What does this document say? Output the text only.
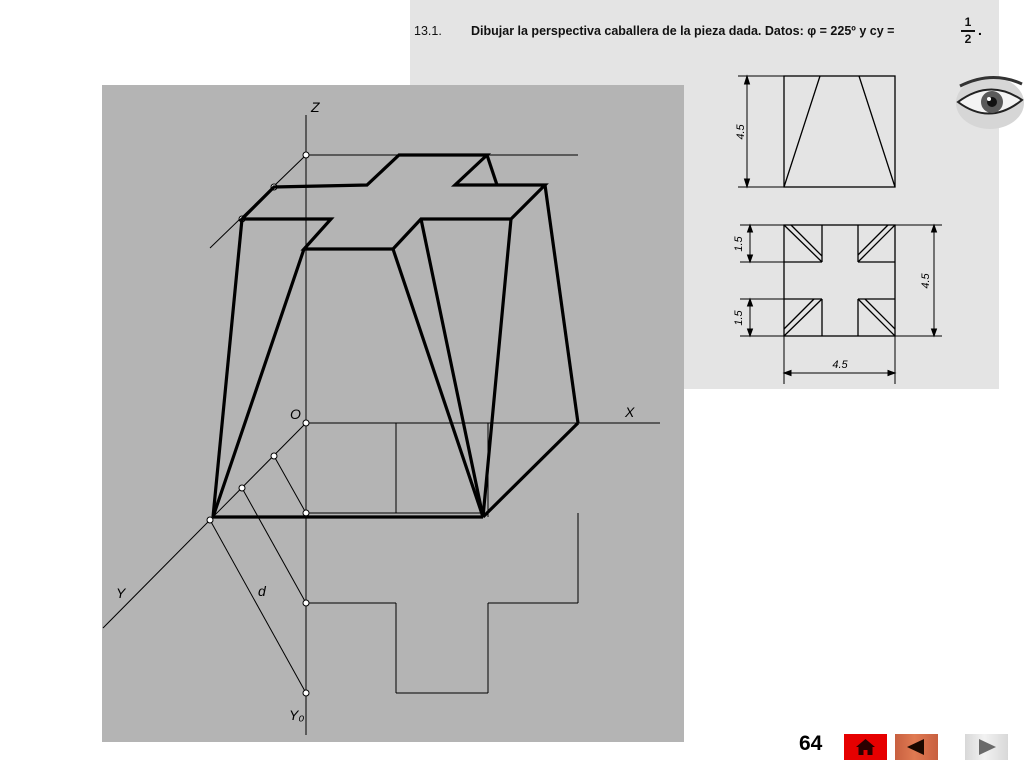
13.1. Dibujar la perspectiva caballera de la pieza dada. Datos: φ = 225º y cy =
1
2
.
4.5
1.5
1.5
4.5
4.5
Z
X
O
Y	d
Y₀
64
